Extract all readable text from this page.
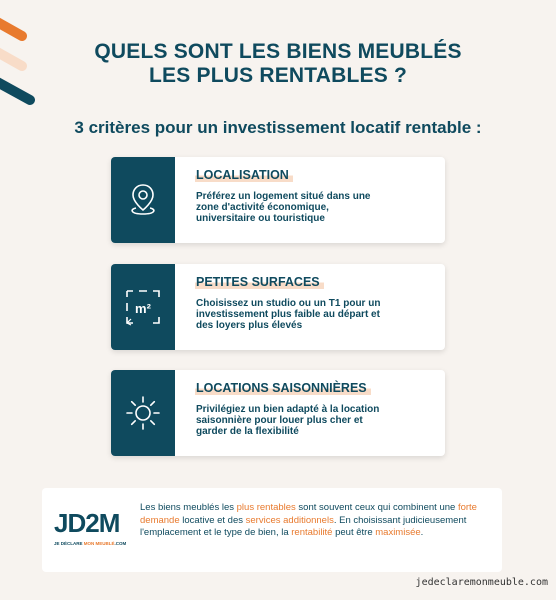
QUELS SONT LES BIENS MEUBLÉS
LES PLUS RENTABLES ?
3 critères pour un investissement locatif rentable :
LOCALISATION
Préférez un logement situé dans une zone d'activité économique, universitaire ou touristique
m²
PETITES SURFACES
Choisissez un studio ou un T1 pour un investissement plus faible au départ et des loyers plus élevés
LOCATIONS SAISONNIÈRES
Privilégiez un bien adapté à la location saisonnière pour louer plus cher et garder de la flexibilité
JD2M
JE DÉCLARE MON MEUBLÉ.COM
Les biens meublés les plus rentables sont souvent ceux qui combinent une forte demande locative et des services additionnels. En choisissant judicieusement l'emplacement et le type de bien, la rentabilité peut être maximisée.
jedeclaremonmeuble.com
